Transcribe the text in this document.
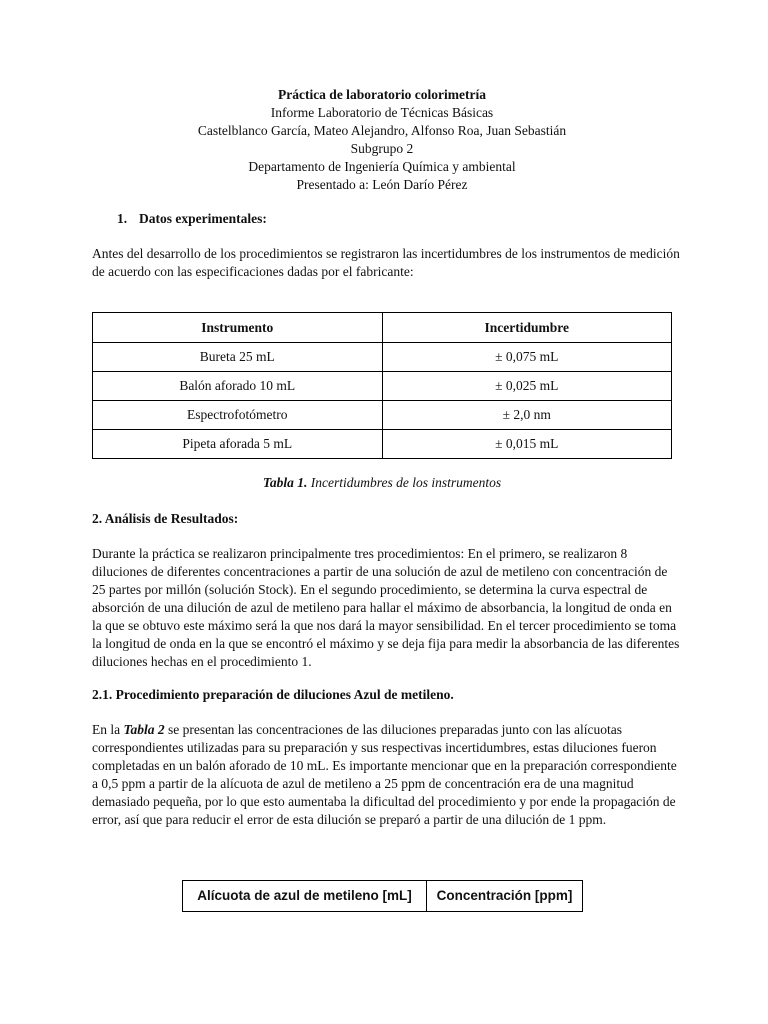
Práctica de laboratorio colorimetría
Informe Laboratorio de Técnicas Básicas
Castelblanco García, Mateo Alejandro, Alfonso Roa, Juan Sebastián
Subgrupo 2
Departamento de Ingeniería Química y ambiental
Presentado a: León Darío Pérez
1. Datos experimentales:
Antes del desarrollo de los procedimientos se registraron las incertidumbres de los instrumentos de medición de acuerdo con las especificaciones dadas por el fabricante:
Instrumento	Incertidumbre
Bureta 25 mL	± 0,075 mL
Balón aforado 10 mL	± 0,025 mL
Espectrofotómetro	± 2,0 nm
Pipeta aforada 5 mL	± 0,015 mL
Tabla 1. Incertidumbres de los instrumentos
2. Análisis de Resultados:
Durante la práctica se realizaron principalmente tres procedimientos: En el primero, se realizaron 8 diluciones de diferentes concentraciones a partir de una solución de azul de metileno con concentración de 25 partes por millón (solución Stock). En el segundo procedimiento, se determina la curva espectral de absorción de una dilución de azul de metileno para hallar el máximo de absorbancia, la longitud de onda en la que se obtuvo este máximo será la que nos dará la mayor sensibilidad. En el tercer procedimiento se toma la longitud de onda en la que se encontró el máximo y se deja fija para medir la absorbancia de las diferentes diluciones hechas en el procedimiento 1.
2.1. Procedimiento preparación de diluciones Azul de metileno.
En la Tabla 2 se presentan las concentraciones de las diluciones preparadas junto con las alícuotas correspondientes utilizadas para su preparación y sus respectivas incertidumbres, estas diluciones fueron completadas en un balón aforado de 10 mL. Es importante mencionar que en la preparación correspondiente a 0,5 ppm a partir de la alícuota de azul de metileno a 25 ppm de concentración era de una magnitud demasiado pequeña, por lo que esto aumentaba la dificultad del procedimiento y por ende la propagación de error, así que para reducir el error de esta dilución se preparó a partir de una dilución de 1 ppm.
Alícuota de azul de metileno [mL]	Concentración [ppm]
